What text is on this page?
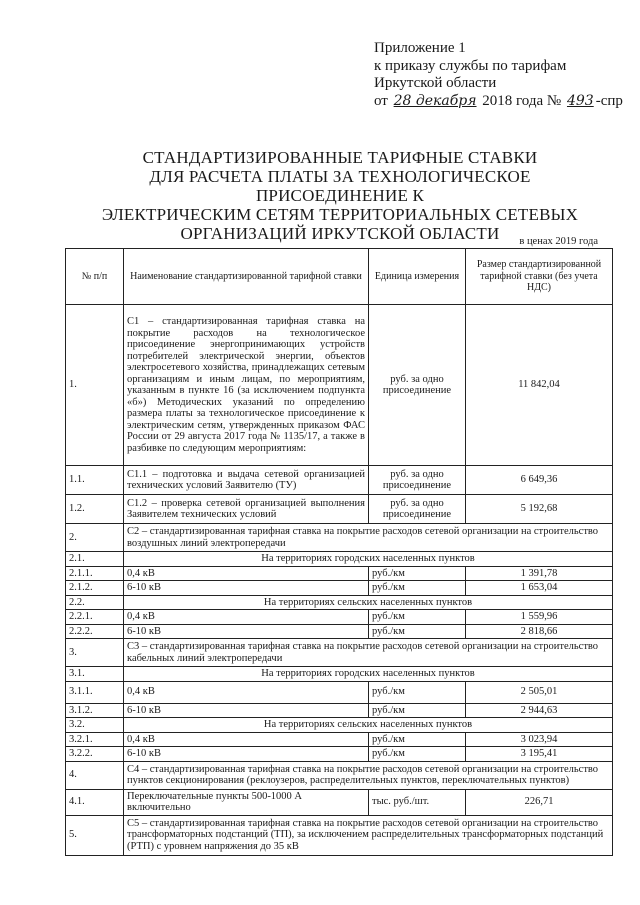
Приложение 1
к приказу службы по тарифам
Иркутской области
от 28 декабря 2018 года № 493 -спр
СТАНДАРТИЗИРОВАННЫЕ ТАРИФНЫЕ СТАВКИ
ДЛЯ РАСЧЕТА ПЛАТЫ ЗА ТЕХНОЛОГИЧЕСКОЕ ПРИСОЕДИНЕНИЕ К
ЭЛЕКТРИЧЕСКИМ СЕТЯМ ТЕРРИТОРИАЛЬНЫХ СЕТЕВЫХ
ОРГАНИЗАЦИЙ ИРКУТСКОЙ ОБЛАСТИ	в ценах 2019 года
№ п/п	Наименование стандартизированной тарифной ставки	Единица измерения	Размер стандартизированной тарифной ставки (без учета НДС)
1.	С1 – стандартизированная тарифная ставка на покрытие расходов на технологическое присоединение энергопринимающих устройств потребителей электрической энергии, объектов электросетевого хозяйства, принадлежащих сетевым организациям и иным лицам, по мероприятиям, указанным в пункте 16 (за исключением подпункта «б») Методических указаний по определению размера платы за технологическое присоединение к электрическим сетям, утвержденных приказом ФАС России от 29 августа 2017 года № 1135/17, а также в разбивке по следующим мероприятиям:	руб. за одно присоединение	11 842,04
1.1.	С1.1 – подготовка и выдача сетевой организацией технических условий Заявителю (ТУ)	руб. за одно присоединение	6 649,36
1.2.	С1.2 – проверка сетевой организацией выполнения Заявителем технических условий	руб. за одно присоединение	5 192,68
2.	С2 – стандартизированная тарифная ставка на покрытие расходов сетевой организации на строительство воздушных линий электропередачи		
2.1.	На территориях городских населенных пунктов		
2.1.1.	0,4 кВ	руб./км	1 391,78
2.1.2.	6-10 кВ	руб./км	1 653,04
2.2.	На территориях сельских населенных пунктов		
2.2.1.	0,4 кВ	руб./км	1 559,96
2.2.2.	6-10 кВ	руб./км	2 818,66
3.	С3 – стандартизированная тарифная ставка на покрытие расходов сетевой организации на строительство кабельных линий электропередачи		
3.1.	На территориях городских населенных пунктов		
3.1.1.	0,4 кВ	руб./км	2 505,01
3.1.2.	6-10 кВ	руб./км	2 944,63
3.2.	На территориях сельских населенных пунктов		
3.2.1.	0,4 кВ	руб./км	3 023,94
3.2.2.	6-10 кВ	руб./км	3 195,41
4.	С4 – стандартизированная тарифная ставка на покрытие расходов сетевой организации на строительство пунктов секционирования (реклоузеров, распределительных пунктов, переключательных пунктов)		
4.1.	Переключательные пункты 500-1000 А включительно	тыс. руб./шт.	226,71
5.	С5 – стандартизированная тарифная ставка на покрытие расходов сетевой организации на строительство трансформаторных подстанций (ТП), за исключением распределительных трансформаторных подстанций (РТП) с уровнем напряжения до 35 кВ		
